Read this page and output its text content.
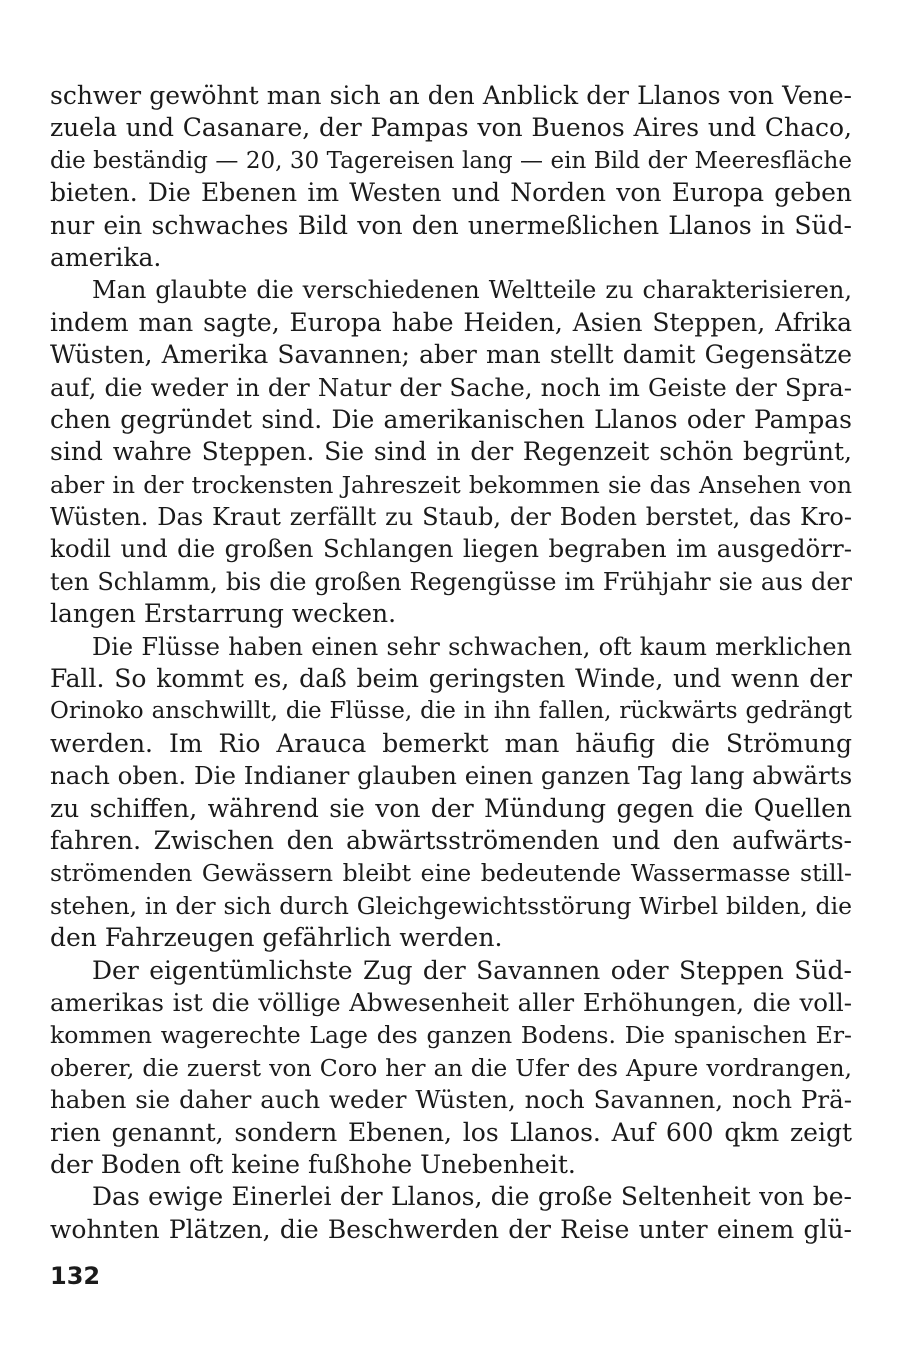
schwer gewöhnt man sich an den Anblick der Llanos von Vene-
zuela und Casanare, der Pampas von Buenos Aires und Chaco,
die beständig — 20, 30 Tagereisen lang — ein Bild der Meeresfläche
bieten. Die Ebenen im Westen und Norden von Europa geben
nur ein schwaches Bild von den unermeßlichen Llanos in Süd-
amerika.
Man glaubte die verschiedenen Weltteile zu charakterisieren,
indem man sagte, Europa habe Heiden, Asien Steppen, Afrika
Wüsten, Amerika Savannen; aber man stellt damit Gegensätze
auf, die weder in der Natur der Sache, noch im Geiste der Spra-
chen gegründet sind. Die amerikanischen Llanos oder Pampas
sind wahre Steppen. Sie sind in der Regenzeit schön begrünt,
aber in der trockensten Jahreszeit bekommen sie das Ansehen von
Wüsten. Das Kraut zerfällt zu Staub, der Boden berstet, das Kro-
kodil und die großen Schlangen liegen begraben im ausgedörr-
ten Schlamm, bis die großen Regengüsse im Frühjahr sie aus der
langen Erstarrung wecken.
Die Flüsse haben einen sehr schwachen, oft kaum merklichen
Fall. So kommt es, daß beim geringsten Winde, und wenn der
Orinoko anschwillt, die Flüsse, die in ihn fallen, rückwärts gedrängt
werden. Im Rio Arauca bemerkt man häufig die Strömung
nach oben. Die Indianer glauben einen ganzen Tag lang abwärts
zu schiffen, während sie von der Mündung gegen die Quellen
fahren. Zwischen den abwärtsströmenden und den aufwärts-
strömenden Gewässern bleibt eine bedeutende Wassermasse still-
stehen, in der sich durch Gleichgewichtsstörung Wirbel bilden, die
den Fahrzeugen gefährlich werden.
Der eigentümlichste Zug der Savannen oder Steppen Süd-
amerikas ist die völlige Abwesenheit aller Erhöhungen, die voll-
kommen wagerechte Lage des ganzen Bodens. Die spanischen Er-
oberer, die zuerst von Coro her an die Ufer des Apure vordrangen,
haben sie daher auch weder Wüsten, noch Savannen, noch Prä-
rien genannt, sondern Ebenen, los Llanos. Auf 600 qkm zeigt
der Boden oft keine fußhohe Unebenheit.
Das ewige Einerlei der Llanos, die große Seltenheit von be-
wohnten Plätzen, die Beschwerden der Reise unter einem glü-
132
